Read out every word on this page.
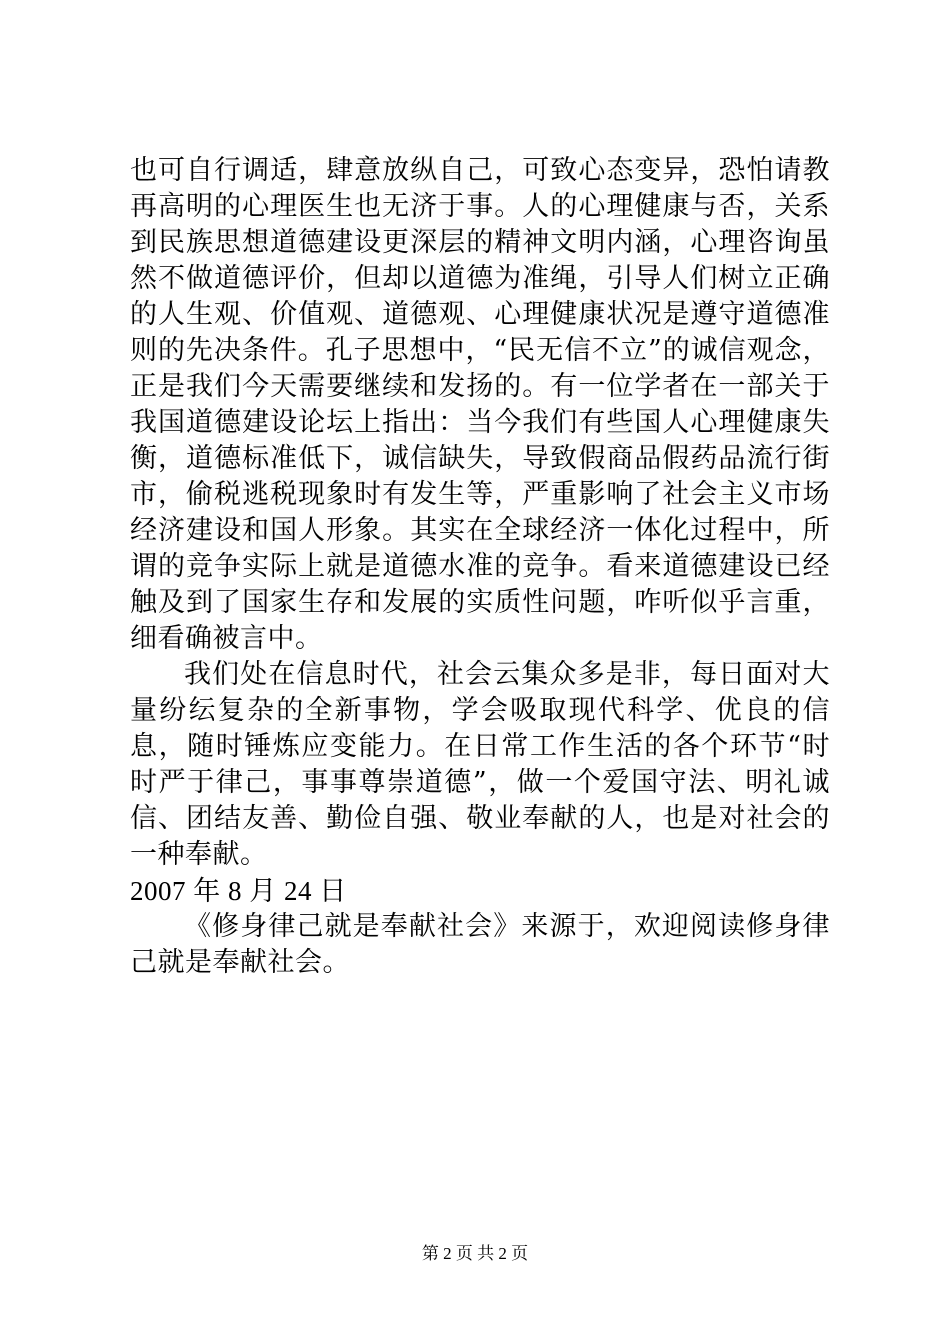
也可自行调适，肆意放纵自己，可致心态变异，恐怕请教再高明的心理医生也无济于事。人的心理健康与否，关系到民族思想道德建设更深层的精神文明内涵，心理咨询虽然不做道德评价，但却以道德为准绳，引导人们树立正确的人生观、价值观、道德观、心理健康状况是遵守道德准则的先决条件。孔子思想中，“民无信不立”的诚信观念，正是我们今天需要继续和发扬的。有一位学者在一部关于我国道德建设论坛上指出：当今我们有些国人心理健康失衡，道德标准低下，诚信缺失，导致假商品假药品流行街市，偷税逃税现象时有发生等，严重影响了社会主义市场经济建设和国人形象。其实在全球经济一体化过程中，所谓的竞争实际上就是道德水准的竞争。看来道德建设已经触及到了国家生存和发展的实质性问题，咋听似乎言重，细看确被言中。

我们处在信息时代，社会云集众多是非，每日面对大量纷纭复杂的全新事物，学会吸取现代科学、优良的信息，随时锤炼应变能力。在日常工作生活的各个环节“时时严于律己，事事尊崇道德”，做一个爱国守法、明礼诚信、团结友善、勤俭自强、敬业奉献的人，也是对社会的一种奉献。

2007 年 8 月 24 日

《修身律己就是奉献社会》来源于，欢迎阅读修身律己就是奉献社会。

第 2 页 共 2 页
